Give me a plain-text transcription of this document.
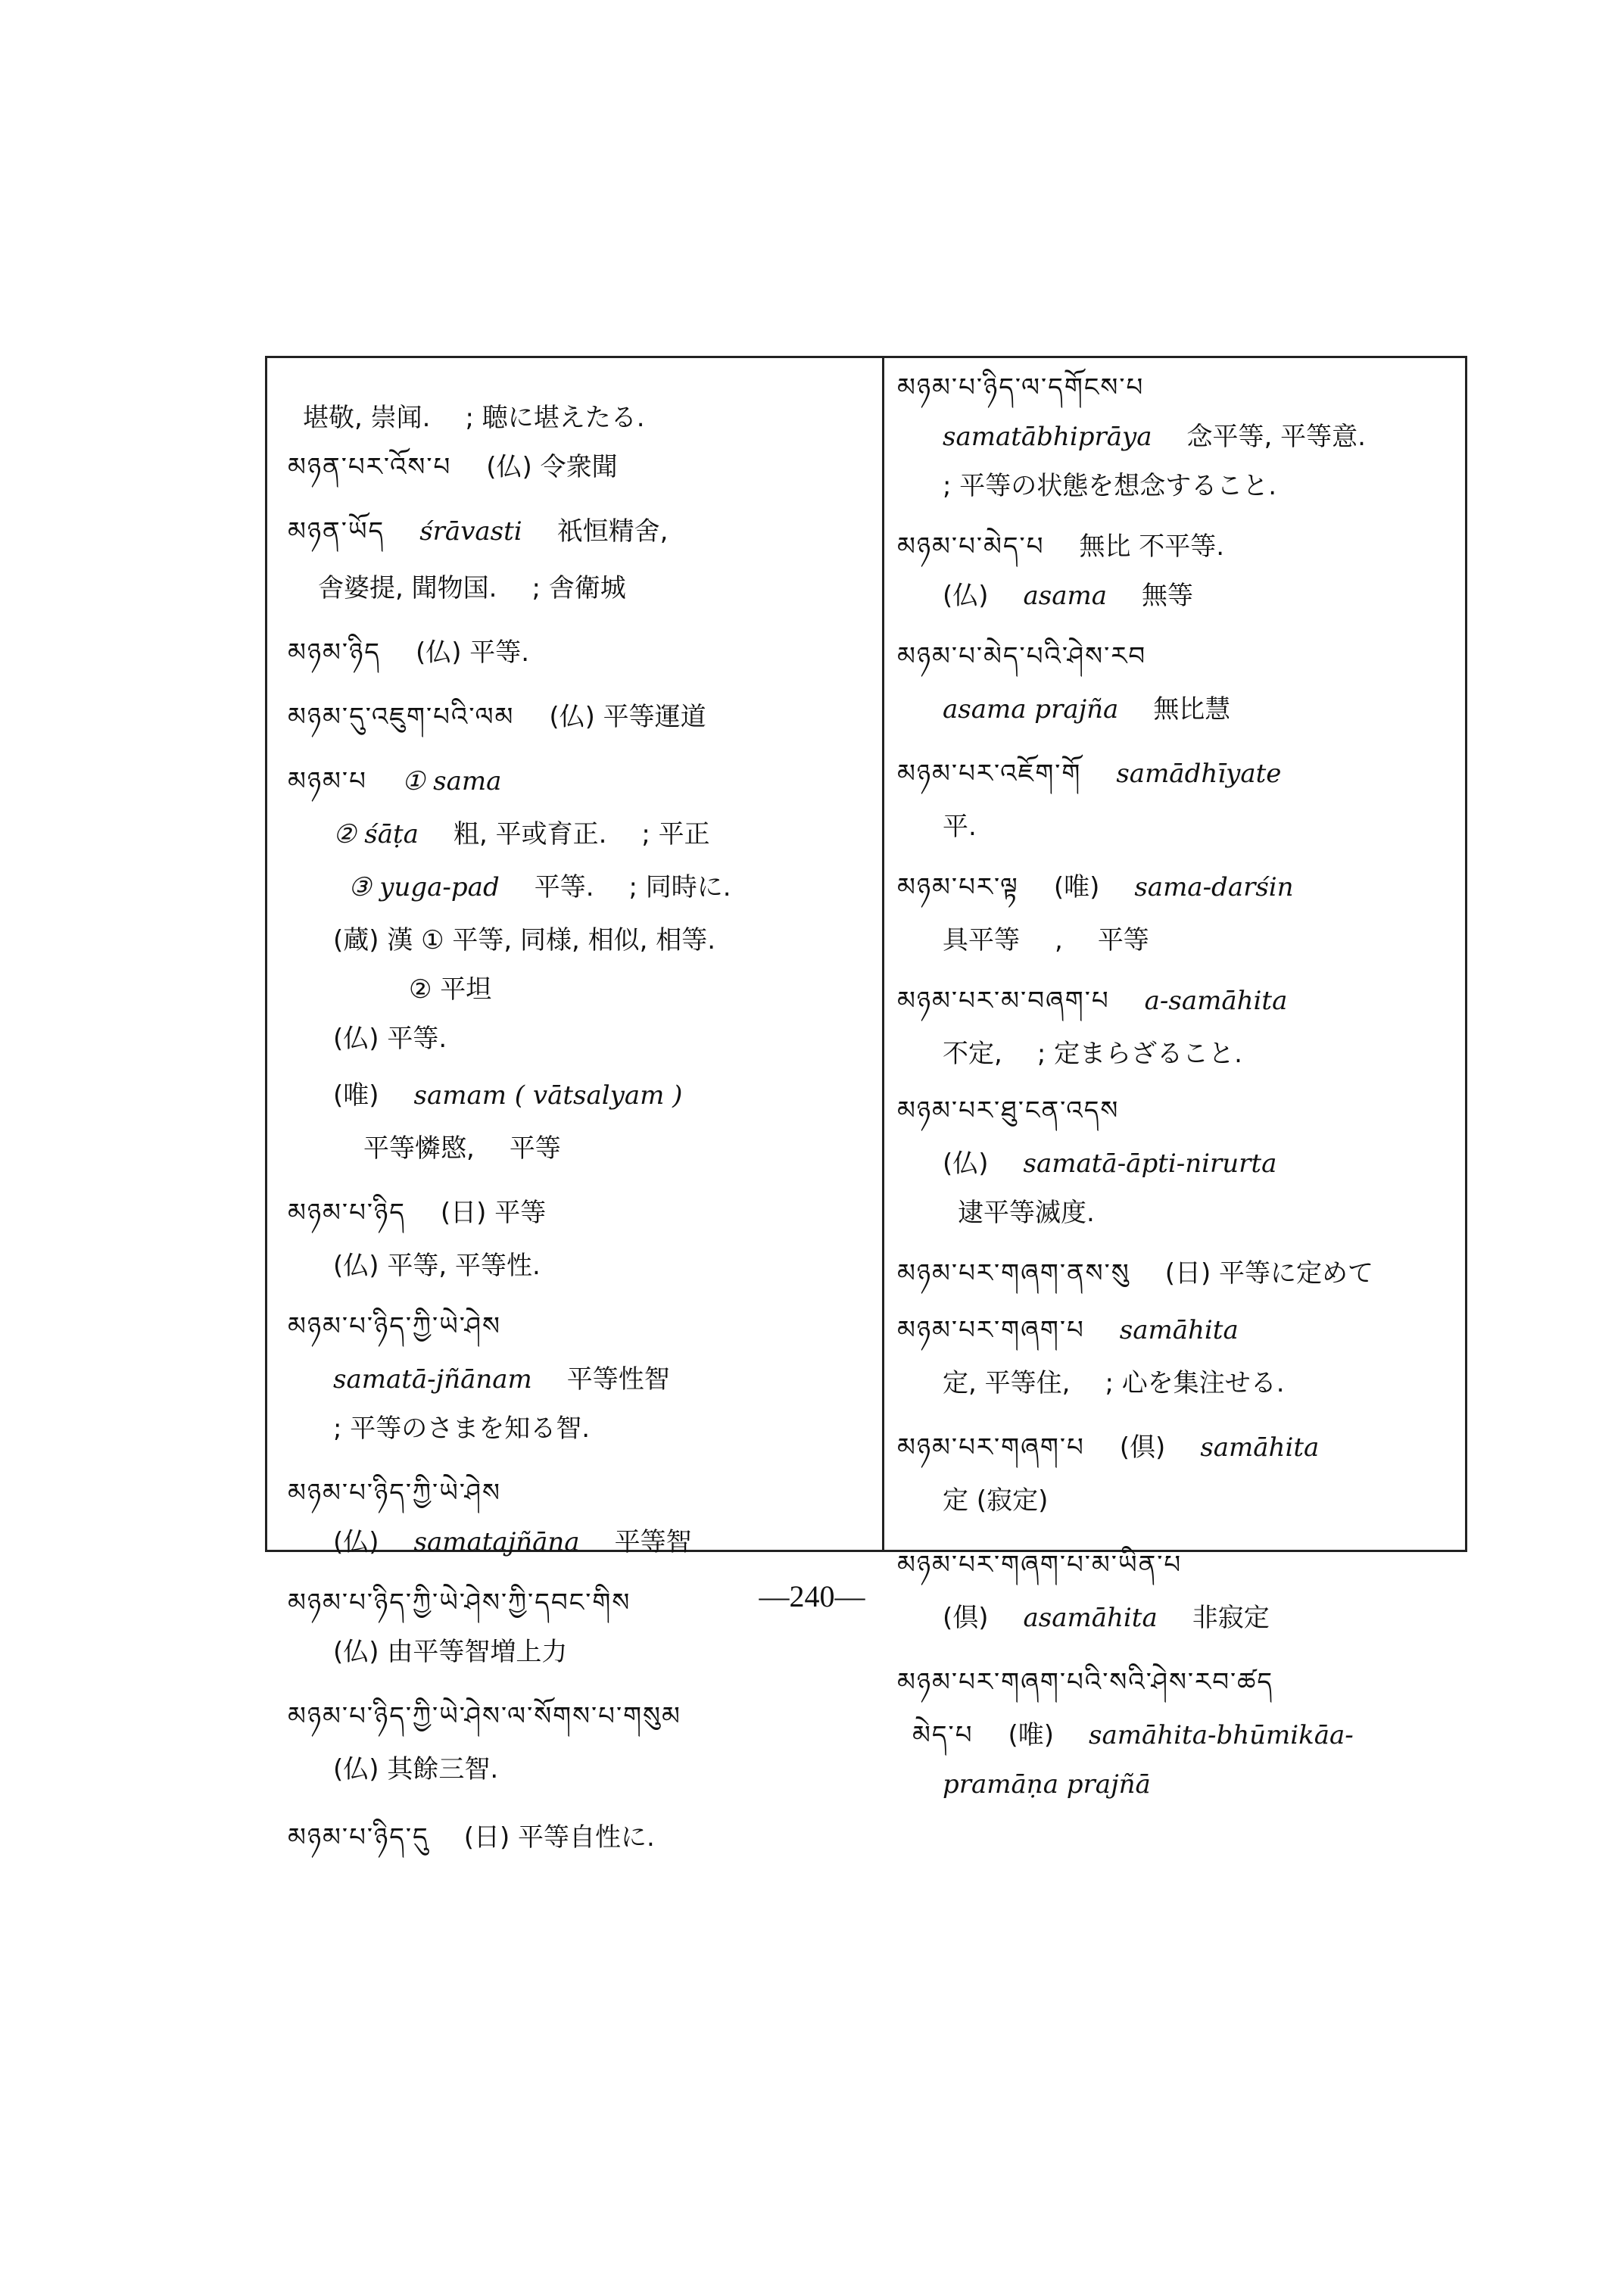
堪敬, 崇闻. ; 聴に堪えたる.
མཉན་པར་འོས་པ (仏) 令衆聞
མཉན་ཡོད śrāvasti 祇恒精舍,
舎婆提, 聞物国. ; 舎衛城
མཉམ་ཉིད (仏) 平等.
མཉམ་དུ་འཇུག་པའི་ལམ (仏) 平等運道
མཉམ་པ ① sama
② śāṭa 粗, 平或育正. ; 平正
③ yuga-pad 平等. ; 同時に.
(蔵) 漢 ① 平等, 同様, 相似, 相等.
② 平坦
(仏) 平等.
(唯) samam ( vātsalyam )
平等憐愍, 平等
མཉམ་པ་ཉིད (日) 平等
(仏) 平等, 平等性.
མཉམ་པ་ཉིད་ཀྱི་ཡེ་ཤེས
samatā-jñānam 平等性智
; 平等のさまを知る智.
མཉམ་པ་ཉིད་ཀྱི་ཡེ་ཤེས
(仏) samatajñāna 平等智
མཉམ་པ་ཉིད་ཀྱི་ཡེ་ཤེས་ཀྱི་དབང་གིས
(仏) 由平等智増上力
མཉམ་པ་ཉིད་ཀྱི་ཡེ་ཤེས་ལ་སོགས་པ་གསུམ
(仏) 其餘三智.
མཉམ་པ་ཉིད་དུ (日) 平等自性に.
མཉམ་པ་ཉིད་ལ་དགོངས་པ
samatābhiprāya 念平等, 平等意.
; 平等の状態を想念すること.
མཉམ་པ་མེད་པ 無比 不平等.
(仏) asama 無等
མཉམ་པ་མེད་པའི་ཤེས་རབ
asama prajña 無比慧
མཉམ་པར་འཇོག་གོ samādhīyate
平.
མཉམ་པར་ལྟ (唯) sama-darśin
具平等 , 平等
མཉམ་པར་མ་བཞག་པ a-samāhita
不定, ; 定まらざること.
མཉམ་པར་ཐུ་ངན་འདས
(仏) samatā-āpti-nirurta
逮平等滅度.
མཉམ་པར་གཞག་ནས་སུ (日) 平等に定めて
མཉམ་པར་གཞག་པ samāhita
定, 平等住, ; 心を集注せる.
མཉམ་པར་གཞག་པ (倶) samāhita
定 (寂定)
མཉམ་པར་གཞག་པ་མ་ཡིན་པ
(倶) asamāhita 非寂定
མཉམ་པར་གཞག་པའི་སའི་ཤེས་རབ་ཚད
མེད་པ (唯) samāhita-bhūmikāa-
pramāṇa prajñā
—240—
